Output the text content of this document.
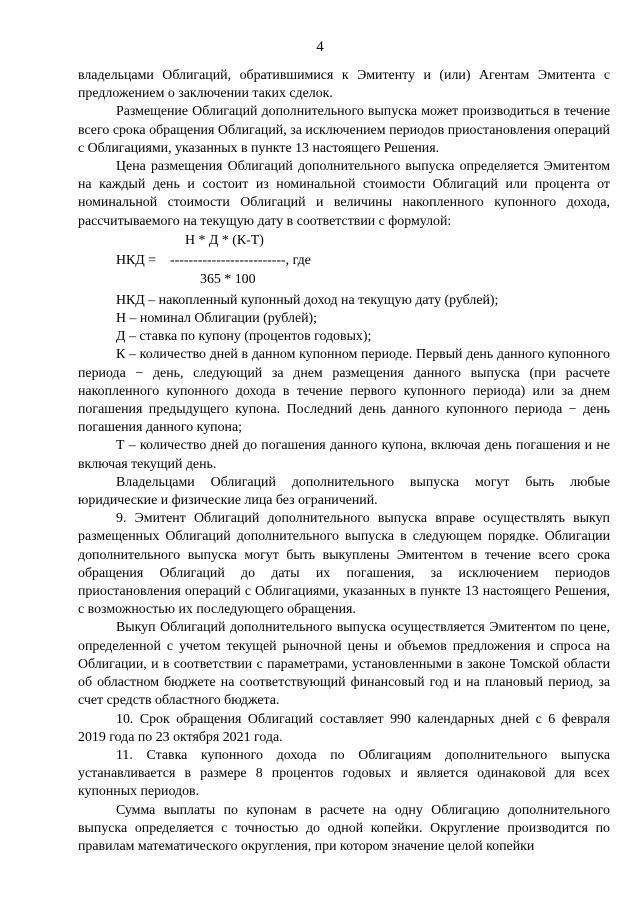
4

владельцами Облигаций, обратившимися к Эмитенту и (или) Агентам Эмитента с предложением о заключении таких сделок.

Размещение Облигаций дополнительного выпуска может производиться в течение всего срока обращения Облигаций, за исключением периодов приостановления операций с Облигациями, указанных в пункте 13 настоящего Решения.

Цена размещения Облигаций дополнительного выпуска определяется Эмитентом на каждый день и состоит из номинальной стоимости Облигаций или процента от номинальной стоимости Облигаций и величины накопленного купонного дохода, рассчитываемого на текущую дату в соответствии с формулой:

Н * Д * (К-Т)
НКД = -------------------------, где
365 * 100

НКД – накопленный купонный доход на текущую дату (рублей);

Н – номинал Облигации (рублей);

Д – ставка по купону (процентов годовых);

К – количество дней в данном купонном периоде. Первый день данного купонного периода − день, следующий за днем размещения данного выпуска (при расчете накопленного купонного дохода в течение первого купонного периода) или за днем погашения предыдущего купона. Последний день данного купонного периода − день погашения данного купона;

Т – количество дней до погашения данного купона, включая день погашения и не включая текущий день.

Владельцами Облигаций дополнительного выпуска могут быть любые юридические и физические лица без ограничений.

9. Эмитент Облигаций дополнительного выпуска вправе осуществлять выкуп размещенных Облигаций дополнительного выпуска в следующем порядке. Облигации дополнительного выпуска могут быть выкуплены Эмитентом в течение всего срока обращения Облигаций до даты их погашения, за исключением периодов приостановления операций с Облигациями, указанных в пункте 13 настоящего Решения, с возможностью их последующего обращения.

Выкуп Облигаций дополнительного выпуска осуществляется Эмитентом по цене, определенной с учетом текущей рыночной цены и объемов предложения и спроса на Облигации, и в соответствии с параметрами, установленными в законе Томской области об областном бюджете на соответствующий финансовый год и на плановый период, за счет средств областного бюджета.

10. Срок обращения Облигаций составляет 990 календарных дней с 6 февраля 2019 года по 23 октября 2021 года.

11. Ставка купонного дохода по Облигациям дополнительного выпуска устанавливается в размере 8 процентов годовых и является одинаковой для всех купонных периодов.

Сумма выплаты по купонам в расчете на одну Облигацию дополнительного выпуска определяется с точностью до одной копейки. Округление производится по правилам математического округления, при котором значение целой копейки
